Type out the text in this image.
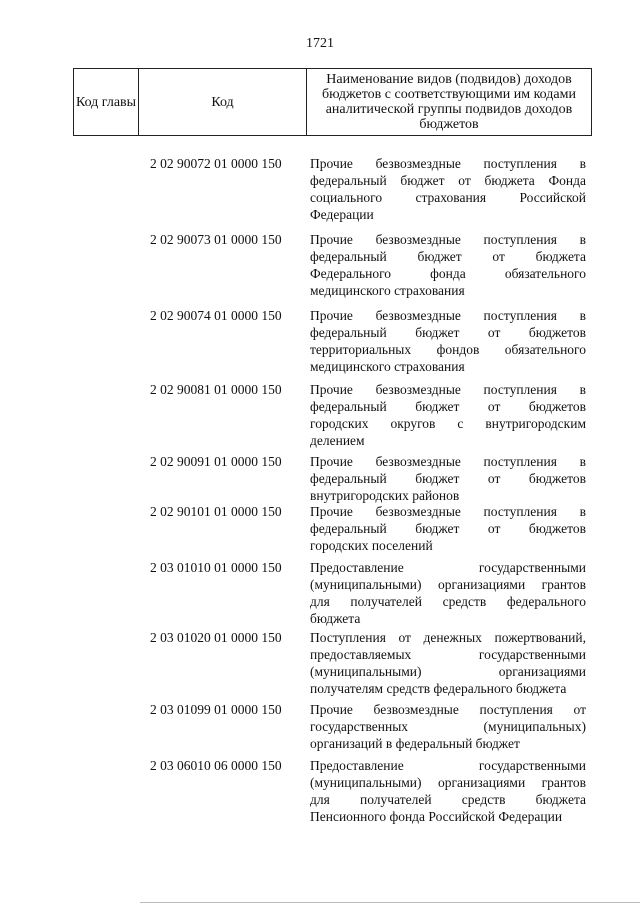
1721
Код главы	Код
Наименование видов (подвидов) доходов бюджетов с соответствующими им кодами аналитической группы подвидов доходов бюджетов
2 02 90072 01 0000 150	Прочие безвозмездные поступления в
федеральный бюджет от бюджета Фонда
социального страхования Российской
Федерации
2 02 90073 01 0000 150	Прочие безвозмездные поступления в
федеральный бюджет от бюджета
Федерального фонда обязательного
медицинского страхования
2 02 90074 01 0000 150	Прочие безвозмездные поступления в
федеральный бюджет от бюджетов
территориальных фондов обязательного
медицинского страхования
2 02 90081 01 0000 150	Прочие безвозмездные поступления в
федеральный бюджет от бюджетов
городских округов с внутригородским
делением
2 02 90091 01 0000 150	Прочие безвозмездные поступления в
федеральный бюджет от бюджетов
внутригородских районов
2 02 90101 01 0000 150	Прочие безвозмездные поступления в
федеральный бюджет от бюджетов
городских поселений
2 03 01010 01 0000 150	Предоставление государственными
(муниципальными) организациями грантов
для получателей средств федерального
бюджета
2 03 01020 01 0000 150	Поступления от денежных пожертвований,
предоставляемых государственными
(муниципальными) организациями
получателям средств федерального бюджета
2 03 01099 01 0000 150	Прочие безвозмездные поступления от
государственных (муниципальных)
организаций в федеральный бюджет
2 03 06010 06 0000 150	Предоставление государственными
(муниципальными) организациями грантов
для получателей средств бюджета
Пенсионного фонда Российской Федерации
